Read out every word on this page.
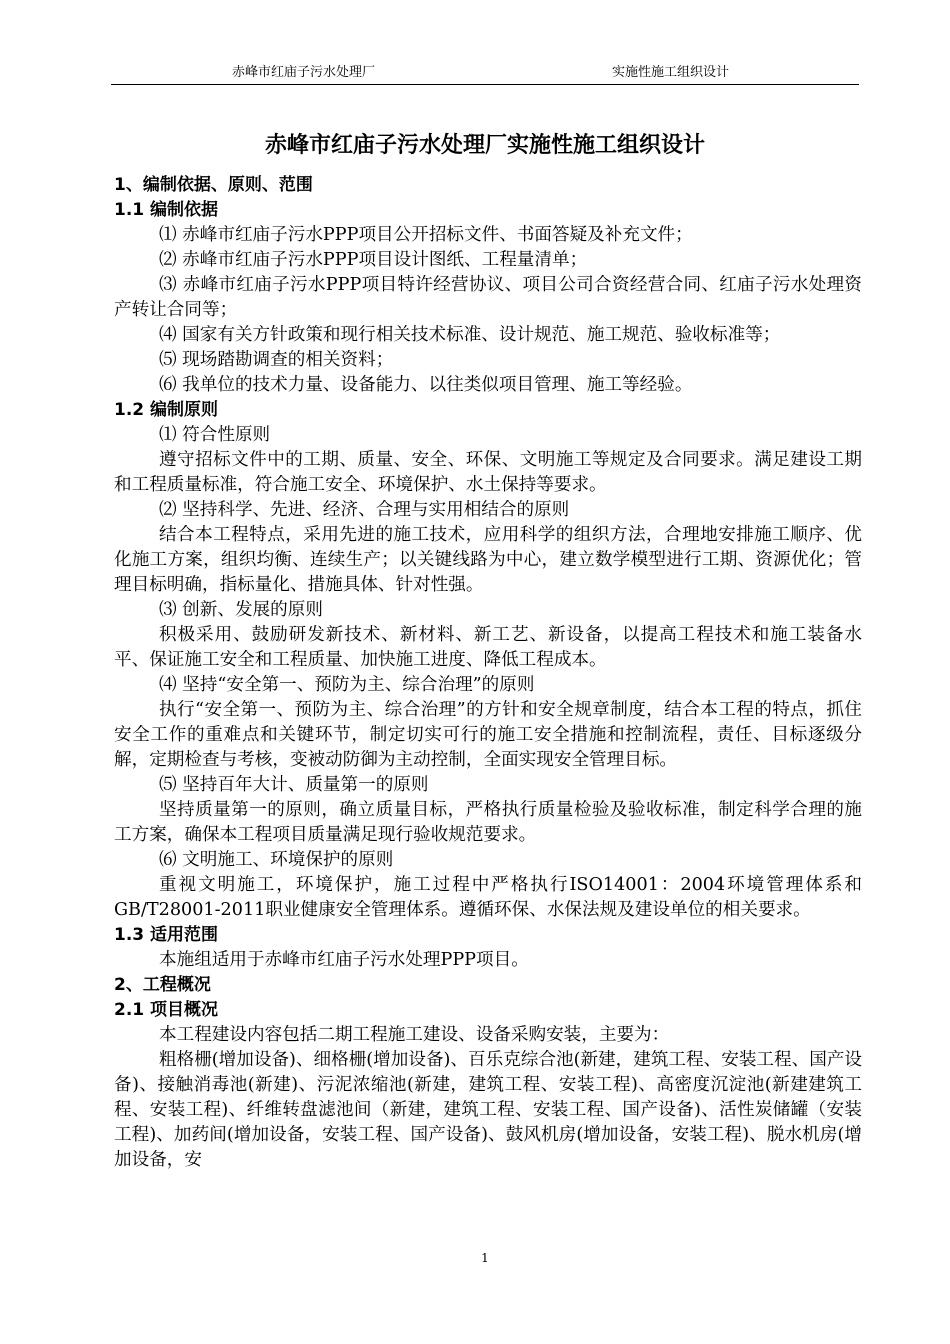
赤峰市红庙子污水处理厂	实施性施工组织设计
赤峰市红庙子污水处理厂实施性施工组织设计

1、编制依据、原则、范围

1.1 编制依据

⑴ 赤峰市红庙子污水PPP项目公开招标文件、书面答疑及补充文件；

⑵ 赤峰市红庙子污水PPP项目设计图纸、工程量清单；

⑶ 赤峰市红庙子污水PPP项目特许经营协议、项目公司合资经营合同、红庙子污水处理资产转让合同等；

⑷ 国家有关方针政策和现行相关技术标准、设计规范、施工规范、验收标准等；

⑸ 现场踏勘调查的相关资料；

⑹ 我单位的技术力量、设备能力、以往类似项目管理、施工等经验。

1.2 编制原则

⑴ 符合性原则

遵守招标文件中的工期、质量、安全、环保、文明施工等规定及合同要求。满足建设工期和工程质量标准，符合施工安全、环境保护、水土保持等要求。

⑵ 坚持科学、先进、经济、合理与实用相结合的原则

结合本工程特点，采用先进的施工技术，应用科学的组织方法，合理地安排施工顺序、优化施工方案，组织均衡、连续生产；以关键线路为中心，建立数学模型进行工期、资源优化；管理目标明确，指标量化、措施具体、针对性强。

⑶ 创新、发展的原则

积极采用、鼓励研发新技术、新材料、新工艺、新设备，以提高工程技术和施工装备水平、保证施工安全和工程质量、加快施工进度、降低工程成本。

⑷ 坚持“安全第一、预防为主、综合治理”的原则

执行“安全第一、预防为主、综合治理”的方针和安全规章制度，结合本工程的特点，抓住安全工作的重难点和关键环节，制定切实可行的施工安全措施和控制流程，责任、目标逐级分解，定期检查与考核，变被动防御为主动控制，全面实现安全管理目标。

⑸ 坚持百年大计、质量第一的原则

坚持质量第一的原则，确立质量目标，严格执行质量检验及验收标准，制定科学合理的施工方案，确保本工程项目质量满足现行验收规范要求。

⑹ 文明施工、环境保护的原则

重视文明施工，环境保护，施工过程中严格执行ISO14001：2004环境管理体系和GB/T28001-2011职业健康安全管理体系。遵循环保、水保法规及建设单位的相关要求。

1.3 适用范围

本施组适用于赤峰市红庙子污水处理PPP项目。

2、工程概况

2.1 项目概况

本工程建设内容包括二期工程施工建设、设备采购安装，主要为：

粗格栅(增加设备)、细格栅(增加设备)、百乐克综合池(新建，建筑工程、安装工程、国产设备)、接触消毒池(新建)、污泥浓缩池(新建，建筑工程、安装工程)、高密度沉淀池(新建建筑工程、安装工程)、纤维转盘滤池间（新建，建筑工程、安装工程、国产设备)、活性炭储罐（安装工程)、加药间(增加设备，安装工程、国产设备)、鼓风机房(增加设备，安装工程)、脱水机房(增加设备，安

1
